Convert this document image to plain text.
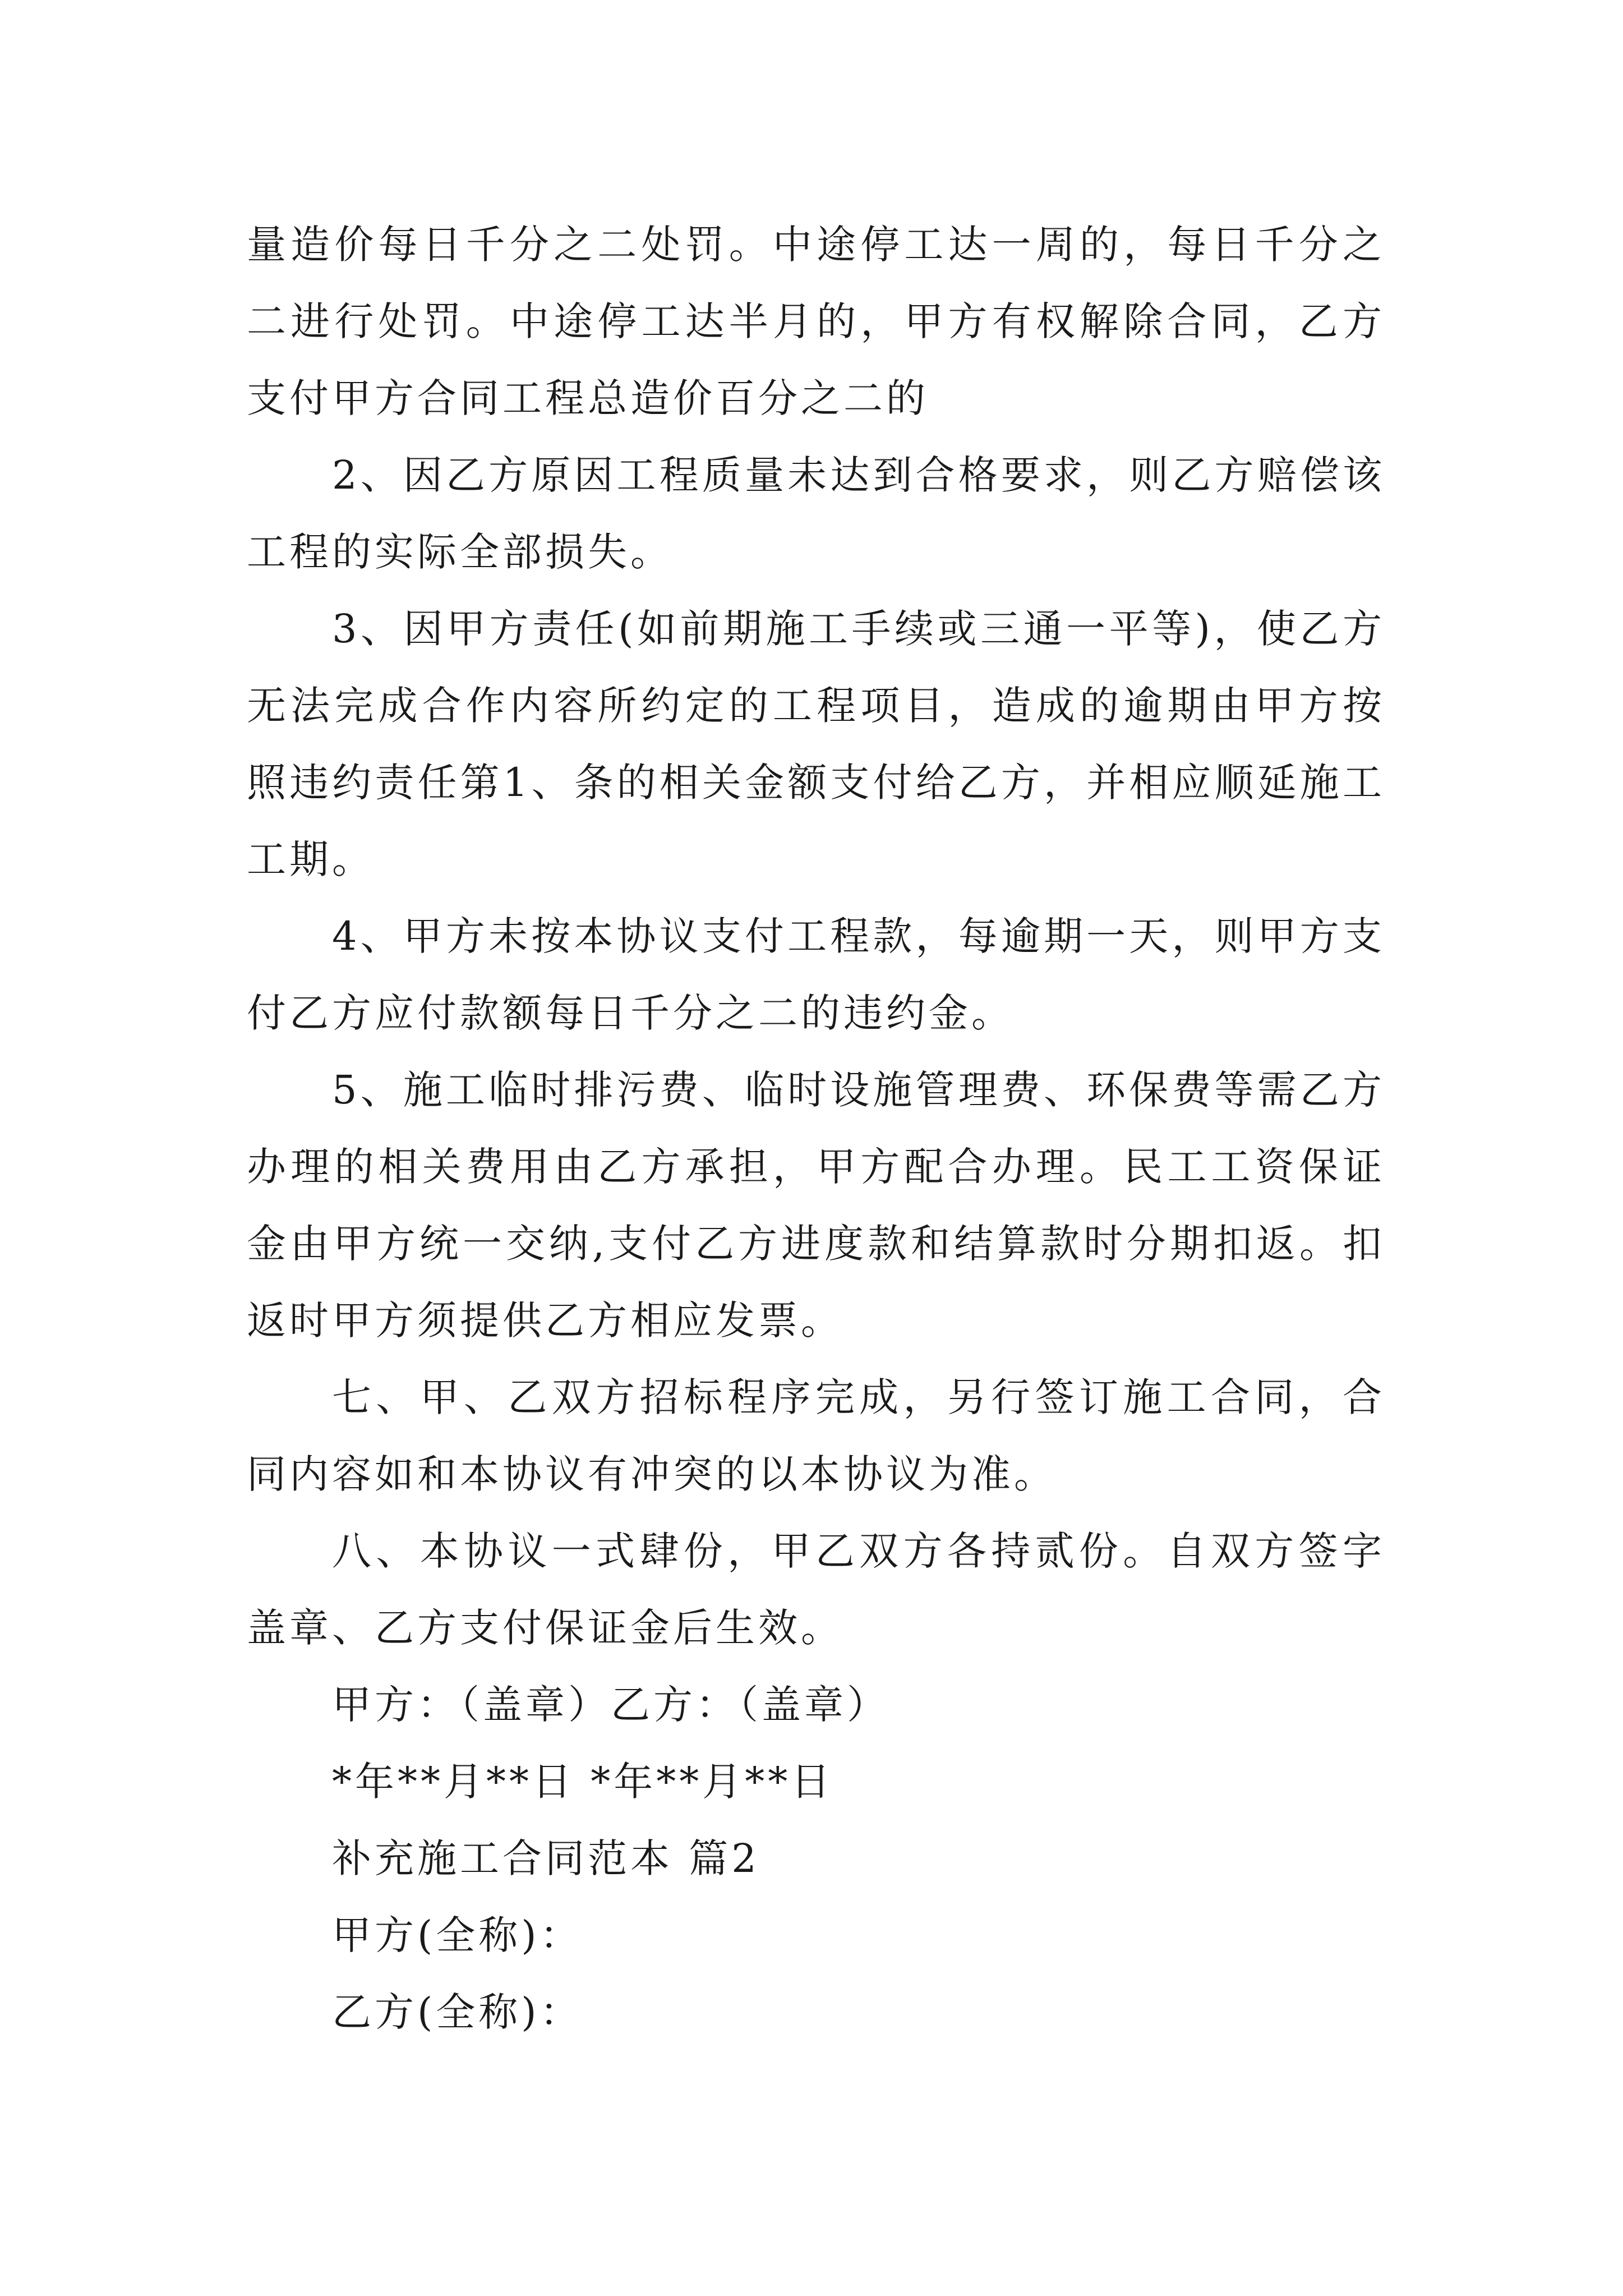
量造价每日千分之二处罚。中途停工达一周的，每日千分之二进行处罚。中途停工达半月的，甲方有权解除合同，乙方支付甲方合同工程总造价百分之二的

2、因乙方原因工程质量未达到合格要求，则乙方赔偿该工程的实际全部损失。

3、因甲方责任(如前期施工手续或三通一平等)，使乙方无法完成合作内容所约定的工程项目，造成的逾期由甲方按照违约责任第1、条的相关金额支付给乙方，并相应顺延施工工期。

4、甲方未按本协议支付工程款，每逾期一天，则甲方支付乙方应付款额每日千分之二的违约金。

5、施工临时排污费、临时设施管理费、环保费等需乙方办理的相关费用由乙方承担，甲方配合办理。民工工资保证金由甲方统一交纳,支付乙方进度款和结算款时分期扣返。扣返时甲方须提供乙方相应发票。

七、甲、乙双方招标程序完成，另行签订施工合同，合同内容如和本协议有冲突的以本协议为准。

八、本协议一式肆份，甲乙双方各持贰份。自双方签字盖章、乙方支付保证金后生效。

甲方：（盖章）乙方：（盖章）

*年**月**日 *年**月**日

补充施工合同范本 篇2

甲方(全称)：

乙方(全称)：
